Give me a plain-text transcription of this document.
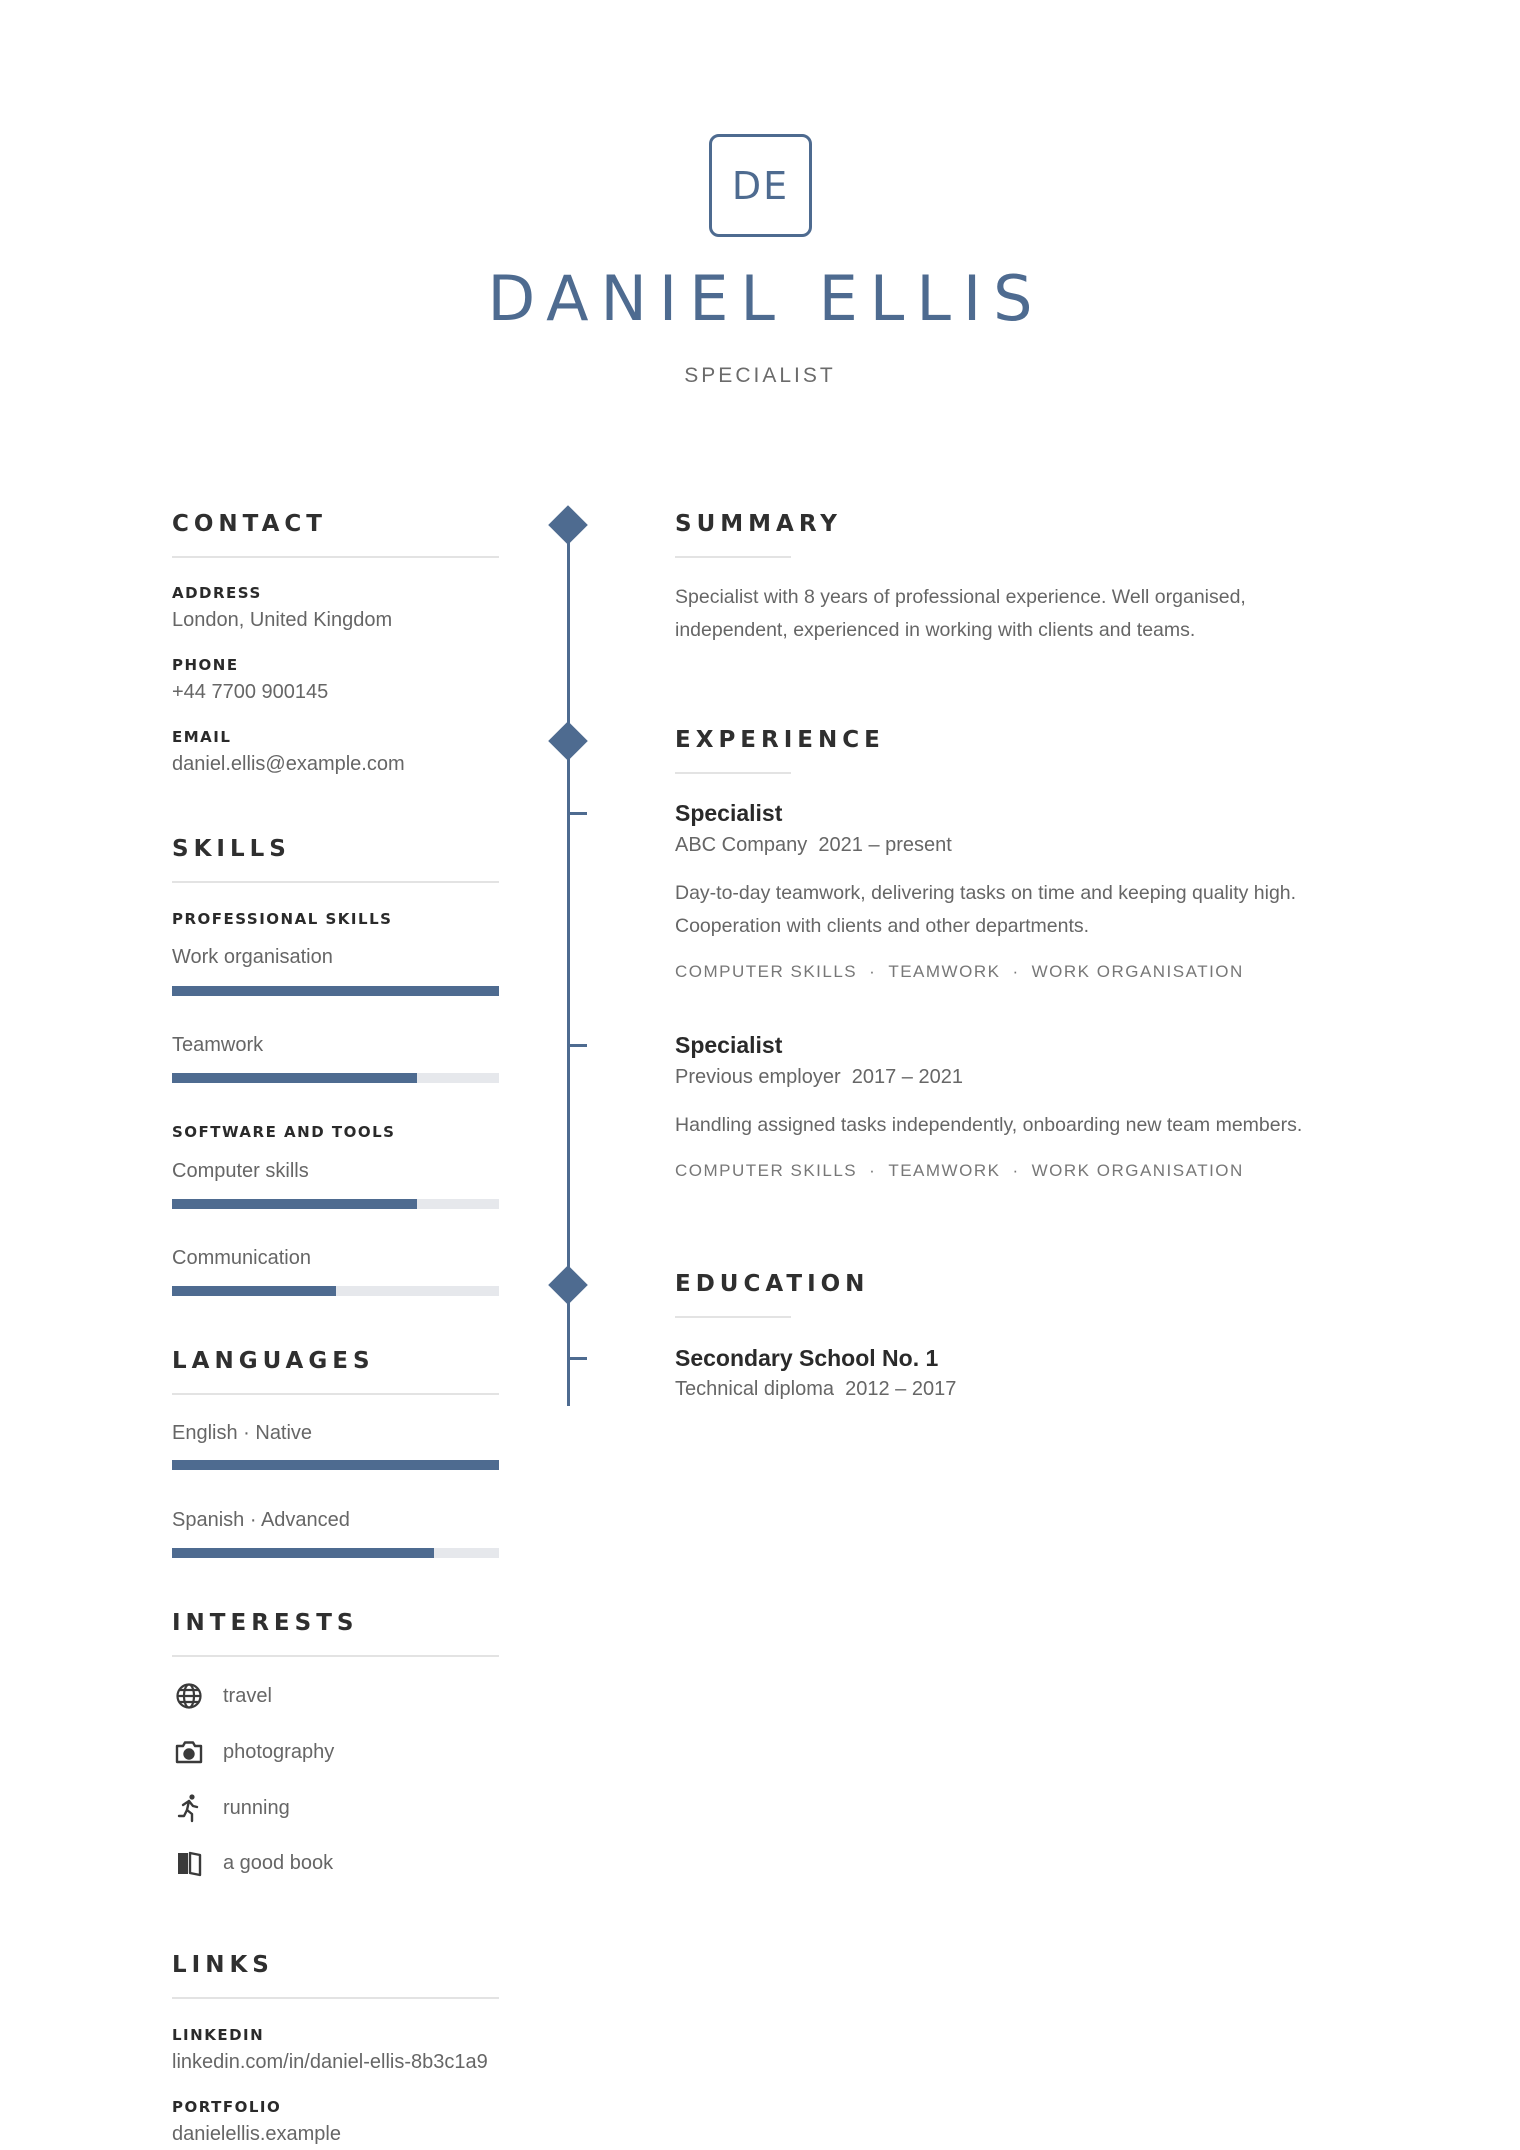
DE
DANIEL ELLIS
SPECIALIST
CONTACT
ADDRESS
London, United Kingdom
PHONE
+44 7700 900145
EMAIL
daniel.ellis@example.com
SKILLS
PROFESSIONAL SKILLS
Work organisation
Teamwork
SOFTWARE AND TOOLS
Computer skills
Communication
LANGUAGES
English · Native
Spanish · Advanced
INTERESTS
travel
photography
running
a good book
LINKS
LINKEDIN
linkedin.com/in/daniel-ellis-8b3c1a9
PORTFOLIO
danielellis.example
SUMMARY
Specialist with 8 years of professional experience. Well organised, independent, experienced in working with clients and teams.
EXPERIENCE
Specialist
ABC Company 2021 – present
Day-to-day teamwork, delivering tasks on time and keeping quality high. Cooperation with clients and other departments.
COMPUTER SKILLS · TEAMWORK · WORK ORGANISATION
Specialist
Previous employer 2017 – 2021
Handling assigned tasks independently, onboarding new team members.
COMPUTER SKILLS · TEAMWORK · WORK ORGANISATION
EDUCATION
Secondary School No. 1
Technical diploma 2012 – 2017
